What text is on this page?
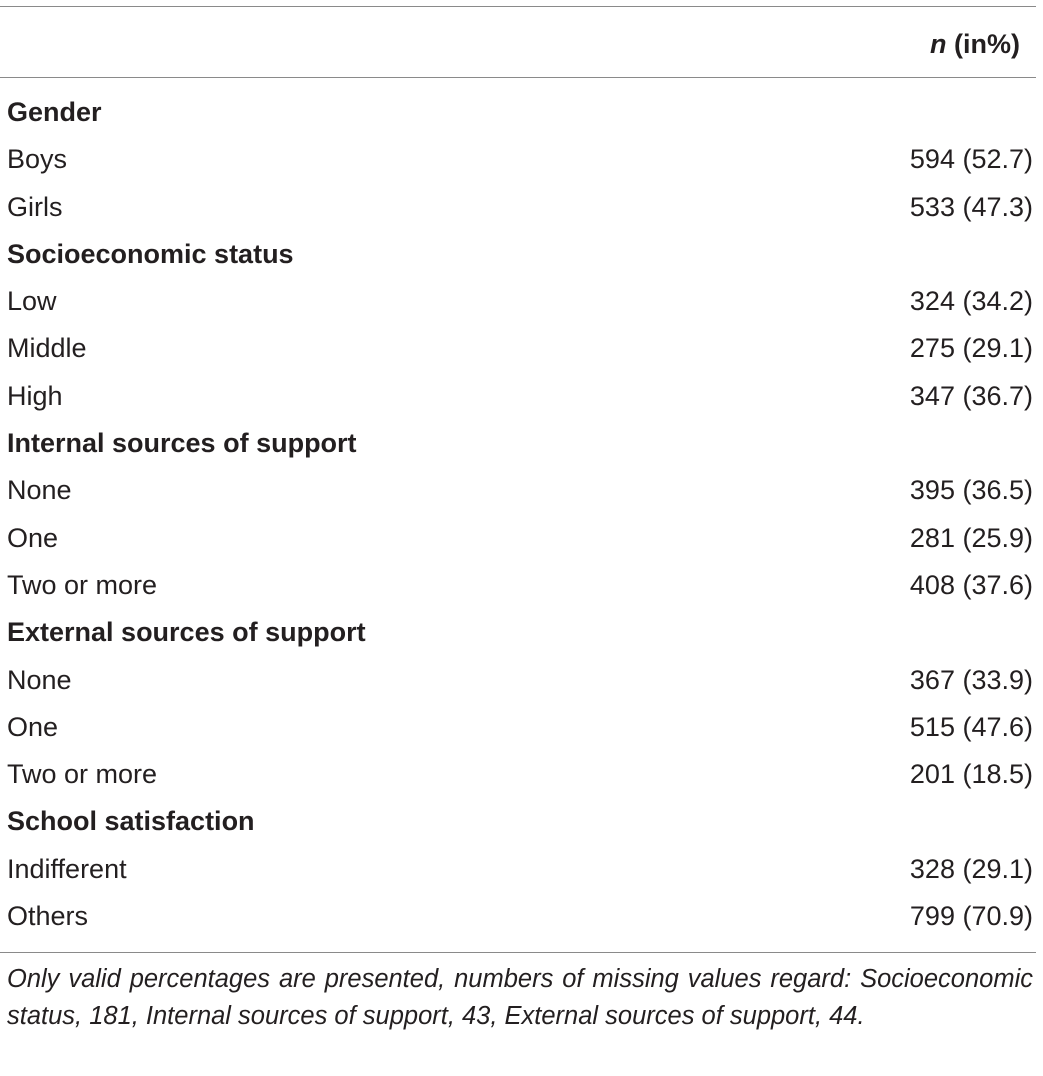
n (in%)
Gender
Boys	594 (52.7)
Girls	533 (47.3)
Socioeconomic status
Low	324 (34.2)
Middle	275 (29.1)
High	347 (36.7)
Internal sources of support
None	395 (36.5)
One	281 (25.9)
Two or more	408 (37.6)
External sources of support
None	367 (33.9)
One	515 (47.6)
Two or more	201 (18.5)
School satisfaction
Indifferent	328 (29.1)
Others	799 (70.9)
Only valid percentages are presented, numbers of missing values regard: Socioeconomic status, 181, Internal sources of support, 43, External sources of support, 44.
